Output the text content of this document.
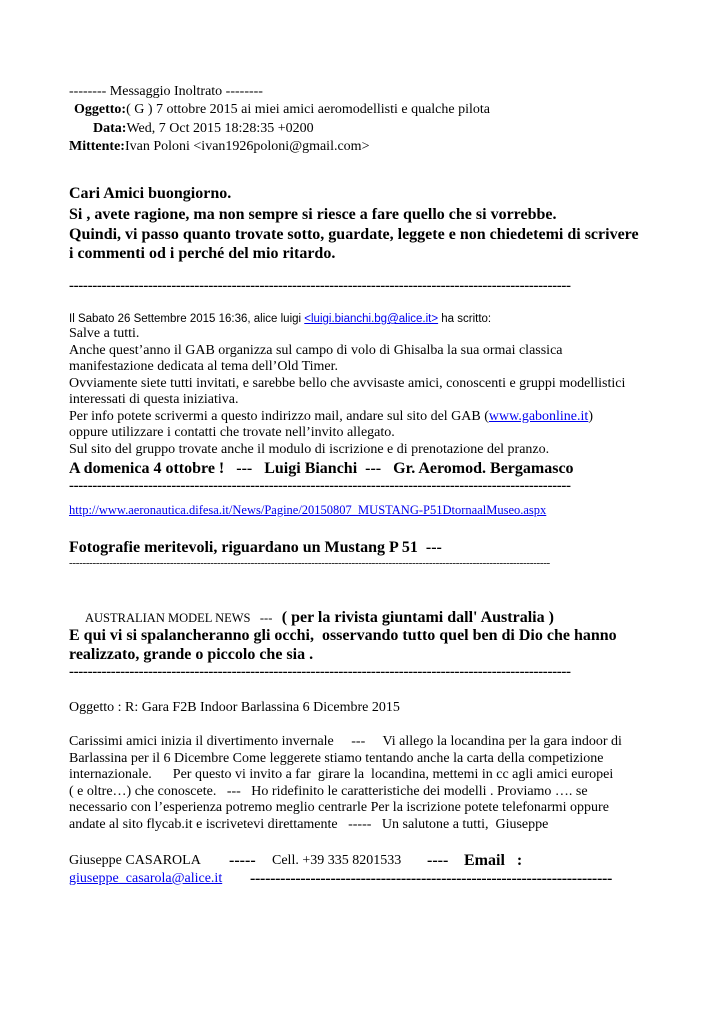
-------- Messaggio Inoltrato --------
Oggetto:( G ) 7 ottobre 2015 ai miei amici aeromodellisti e qualche pilota
Data:Wed, 7 Oct 2015 18:28:35 +0200
Mittente:Ivan Poloni <ivan1926poloni@gmail.com>
Cari Amici buongiorno.
Si , avete ragione, ma non sempre si riesce a fare quello che si vorrebbe.
Quindi, vi passo quanto trovate sotto, guardate, leggete e non chiedetemi di scrivere
i commenti od i perché del mio ritardo.
------------------------------------------------------------------------------------------------------------
Il Sabato 26 Settembre 2015 16:36, alice luigi <luigi.bianchi.bg@alice.it> ha scritto:
Salve a tutti.
Anche quest’anno il GAB organizza sul campo di volo di Ghisalba la sua ormai classica
manifestazione dedicata al tema dell’Old Timer.
Ovviamente siete tutti invitati, e sarebbe bello che avvisaste amici, conoscenti e gruppi modellistici
interessati di questa iniziativa.
Per info potete scrivermi a questo indirizzo mail, andare sul sito del GAB (www.gabonline.it)
oppure utilizzare i contatti che trovate nell’invito allegato.
Sul sito del gruppo trovate anche il modulo di iscrizione e di prenotazione del pranzo.
A domenica 4 ottobre !   ---   Luigi Bianchi  ---   Gr. Aeromod. Bergamasco
------------------------------------------------------------------------------------------------------------
http://www.aeronautica.difesa.it/News/Pagine/20150807_MUSTANG-P51DtornaalMuseo.aspx
Fotografie meritevoli, riguardano un Mustang P 51  ---
-----------------------------------------------------------------------------------------------------------------------------------------------

AUSTRALIAN MODEL NEWS   ---   ( per la rivista giuntami dall' Australia )

E qui vi si spalancheranno gli occhi,  osservando tutto quel ben di Dio che hanno
realizzato, grande o piccolo che sia .
------------------------------------------------------------------------------------------------------------
Oggetto : R: Gara F2B Indoor Barlassina 6 Dicembre 2015
Carissimi amici inizia il divertimento invernale     ---     Vi allego la locandina per la gara indoor di
Barlassina per il 6 Dicembre Come leggerete stiamo tentando anche la carta della competizione
internazionale.      Per questo vi invito a far  girare la  locandina, mettemi in cc agli amici europei
( e oltre…) che conoscete.   ---   Ho ridefinito le caratteristiche dei modelli . Proviamo …. se
necessario con l’esperienza potremo meglio centrarle Per la iscrizione potete telefonarmi oppure
andate al sito flycab.it e iscrivetevi direttamente   -----   Un salutone a tutti,  Giuseppe
Giuseppe CASAROLA ----- Cell. +39 335 8201533 ---- Email   :
giuseppe_casarola@alice.it ------------------------------------------------------------------------
